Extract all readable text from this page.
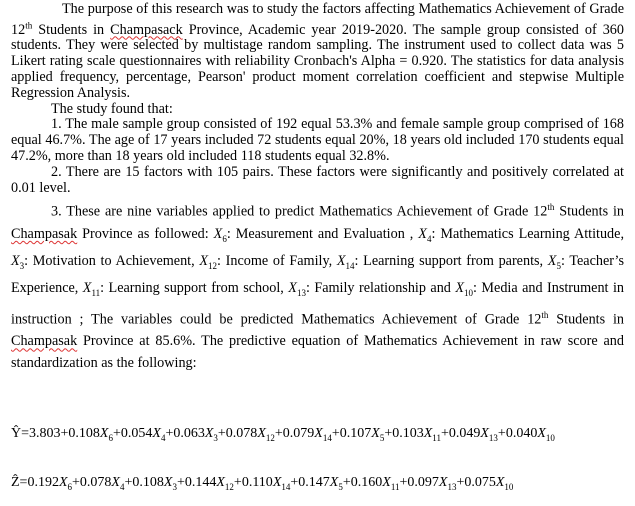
The purpose of this research was to study the factors affecting Mathematics Achievement of Grade 12th Students in Champasack Province, Academic year 2019-2020. The sample group consisted of 360 students. They were selected by multistage random sampling. The instrument used to collect data was 5 Likert rating scale questionnaires with reliability Cronbach's Alpha = 0.920. The statistics for data analysis applied frequency, percentage, Pearson' product moment correlation coefficient and stepwise Multiple Regression Analysis.

The study found that:

1. The male sample group consisted of 192 equal 53.3% and female sample group comprised of 168 equal 46.7%. The age of 17 years included 72 students equal 20%, 18 years old included 170 students equal 47.2%, more than 18 years old included 118 students equal 32.8%.

2. There are 15 factors with 105 pairs. These factors were significantly and positively correlated at 0.01 level.

3. These are nine variables applied to predict Mathematics Achievement of Grade 12th Students in Champasak Province as followed: $X_6$: Measurement and Evaluation , $X_4$: Mathematics Learning Attitude, $X_3$: Motivation to Achievement, $X_{12}$: Income of Family, $X_{14}$: Learning support from parents, $X_5$: Teacher’s Experience, $X_{11}$: Learning support from school, $X_{13}$: Family relationship and $X_{10}$: Media and Instrument in instruction ; The variables could be predicted Mathematics Achievement of Grade 12th Students in Champasak Province at 85.6%. The predictive equation of Mathematics Achievement in raw score and standardization as the following:

$Ŷ=3.803+0.108X_6+0.054X_4+0.063X_3+0.078X_{12}+0.079X_{14}+0.107X_5+0.103X_{11}+0.049X_{13}+0.040X_{10}$
$Ẑ=0.192X_6+0.078X_4+0.108X_3+0.144X_{12}+0.110X_{14}+0.147X_5+0.160X_{11}+0.097X_{13}+0.075X_{10}$
